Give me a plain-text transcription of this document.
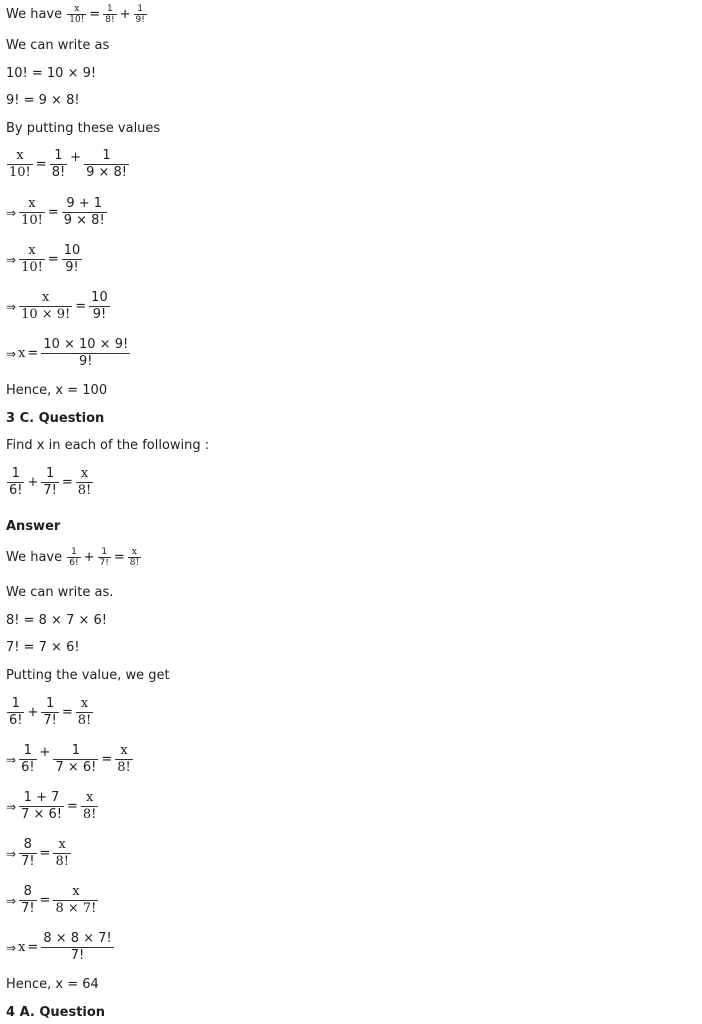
We have
$\frac{x}{10!} = \frac{1}{8!} + \frac{1}{9!}$
We can write as
10! = 10 × 9!
9! = 9 × 8!
By putting these values
$\frac{x}{10!} = \frac{1}{8!} + \frac{1}{9 \times 8!}$
⇒ $\frac{x}{10!} = \frac{9 + 1}{9 \times 8!}$
⇒ $\frac{x}{10!} = \frac{10}{9!}$
⇒ $\frac{x}{10 \times 9!} = \frac{10}{9!}$
⇒ $x = \frac{10 \times 10 \times 9!}{9!}$
Hence, x = 100
3 C. Question
Find x in each of the following :
$\frac{1}{6!} + \frac{1}{7!} = \frac{x}{8!}$
Answer
We have
$\frac{1}{6!} + \frac{1}{7!} = \frac{x}{8!}$
We can write as.
8! = 8 × 7 × 6!
7! = 7 × 6!
Putting the value, we get
$\frac{1}{6!} + \frac{1}{7!} = \frac{x}{8!}$
⇒ $\frac{1}{6!} + \frac{1}{7 \times 6!} = \frac{x}{8!}$
⇒ $\frac{1 + 7}{7 \times 6!} = \frac{x}{8!}$
⇒ $\frac{8}{7!} = \frac{x}{8!}$
⇒ $\frac{8}{7!} = \frac{x}{8 \times 7!}$
⇒ $x = \frac{8 \times 8 \times 7!}{7!}$
Hence, x = 64
4 A. Question
